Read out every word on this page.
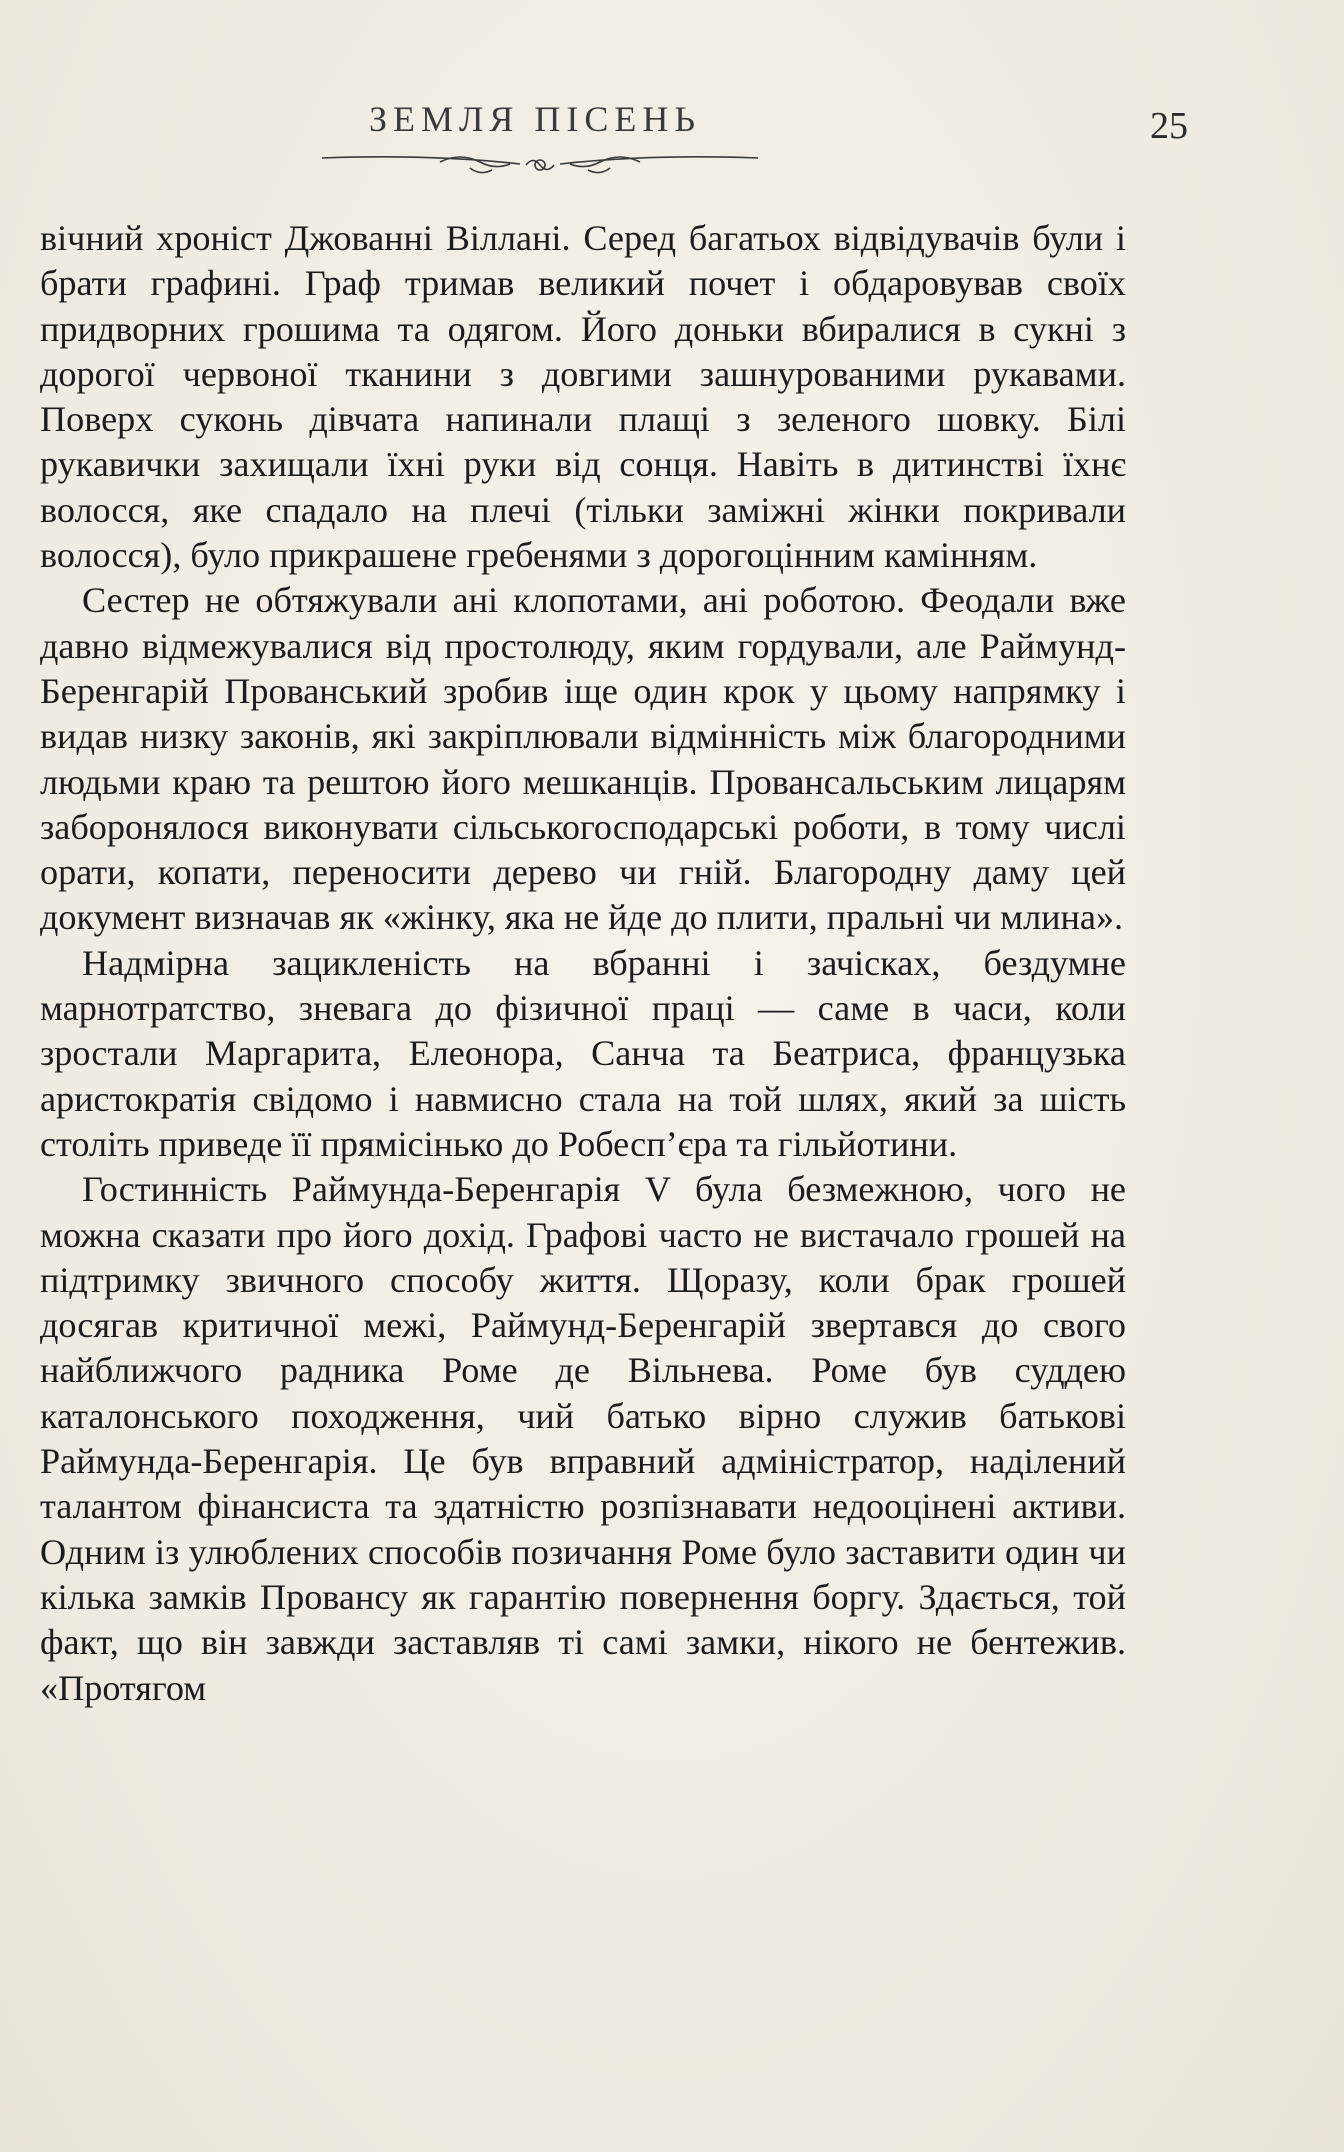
ЗЕМЛЯ ПІСЕНЬ	25

вічний хроніст Джованні Віллані. Серед багатьох відвідувачів були і брати графині. Граф тримав великий почет і обдаровував своїх придворних грошима та одягом. Його доньки вбиралися в сукні з дорогої червоної тканини з довгими зашнурованими рукавами. Поверх суконь дівчата напинали плащі з зеленого шовку. Білі рукавички захищали їхні руки від сонця. Навіть в дитинстві їхнє волосся, яке спадало на плечі (тільки заміжні жінки покривали волосся), було прикрашене гребенями з дорогоцінним камінням.

Сестер не обтяжували ані клопотами, ані роботою. Феодали вже давно відмежувалися від простолюду, яким гордували, але Раймунд-Беренгарій Прованський зробив іще один крок у цьому напрямку і видав низку законів, які закріплювали відмінність між благородними людьми краю та рештою його мешканців. Провансальським лицарям заборонялося виконувати сільськогосподарські роботи, в тому числі орати, копати, переносити дерево чи гній. Благородну даму цей документ визначав як «жінку, яка не йде до плити, пральні чи млина».

Надмірна зацикленість на вбранні і зачісках, бездумне марнотратство, зневага до фізичної праці — саме в часи, коли зростали Маргарита, Елеонора, Санча та Беатриса, французька аристократія свідомо і навмисно стала на той шлях, який за шість століть приведе її прямісінько до Робесп’єра та гільйотини.

Гостинність Раймунда-Беренгарія V була безмежною, чого не можна сказати про його дохід. Графові часто не вистачало грошей на підтримку звичного способу життя. Щоразу, коли брак грошей досягав критичної межі, Раймунд-Беренгарій звертався до свого найближчого радника Роме де Вільнева. Роме був суддею каталонського походження, чий батько вірно служив батькові Раймунда-Беренгарія. Це був вправний адміністратор, наділений талантом фінансиста та здатністю розпізнавати недооцінені активи. Одним із улюблених способів позичання Роме було заставити один чи кілька замків Провансу як гарантію повернення боргу. Здається, той факт, що він завжди заставляв ті самі замки, нікого не бентежив. «Протягом
